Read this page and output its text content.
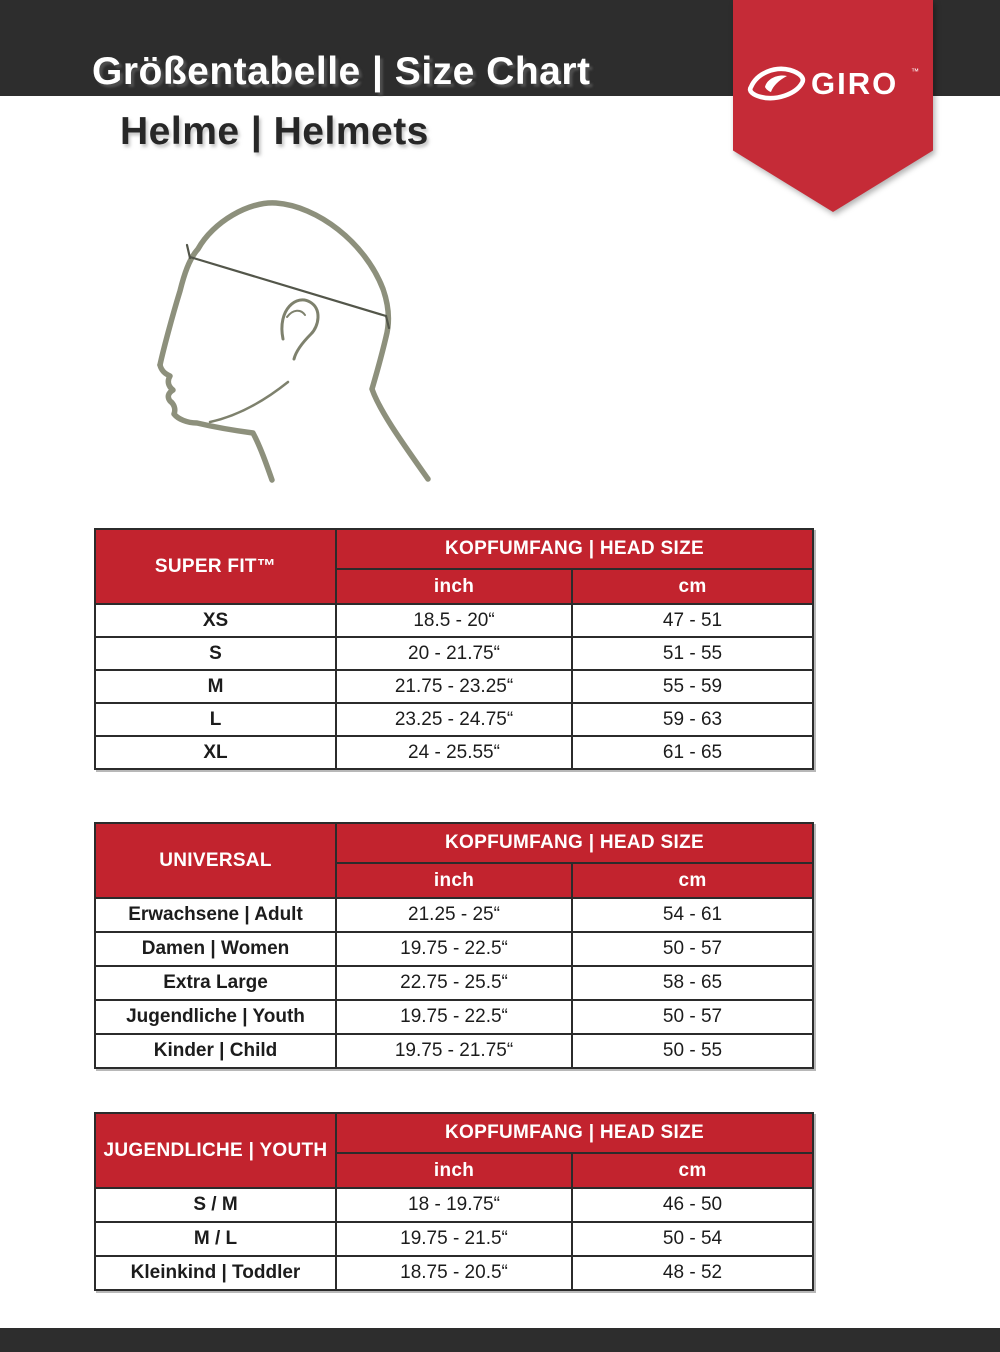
Größentabelle | Size Chart
Helme | Helmets
GIRO ™
SUPER FIT™	KOPFUMFANG | HEAD SIZE	
	inch	cm
XS	18.5 - 20“	47 - 51
S	20 - 21.75“	51 - 55
M	21.75 - 23.25“	55 - 59
L	23.25 - 24.75“	59 - 63
XL	24 - 25.55“	61 - 65
UNIVERSAL	KOPFUMFANG | HEAD SIZE	
	inch	cm
Erwachsene | Adult	21.25 - 25“	54 - 61
Damen | Women	19.75 - 22.5“	50 - 57
Extra Large	22.75 - 25.5“	58 - 65
Jugendliche | Youth	19.75 - 22.5“	50 - 57
Kinder | Child	19.75 - 21.75“	50 - 55
JUGENDLICHE | YOUTH	KOPFUMFANG | HEAD SIZE	
	inch	cm
S / M	18 - 19.75“	46 - 50
M / L	19.75 - 21.5“	50 - 54
Kleinkind | Toddler	18.75 - 20.5“	48 - 52
